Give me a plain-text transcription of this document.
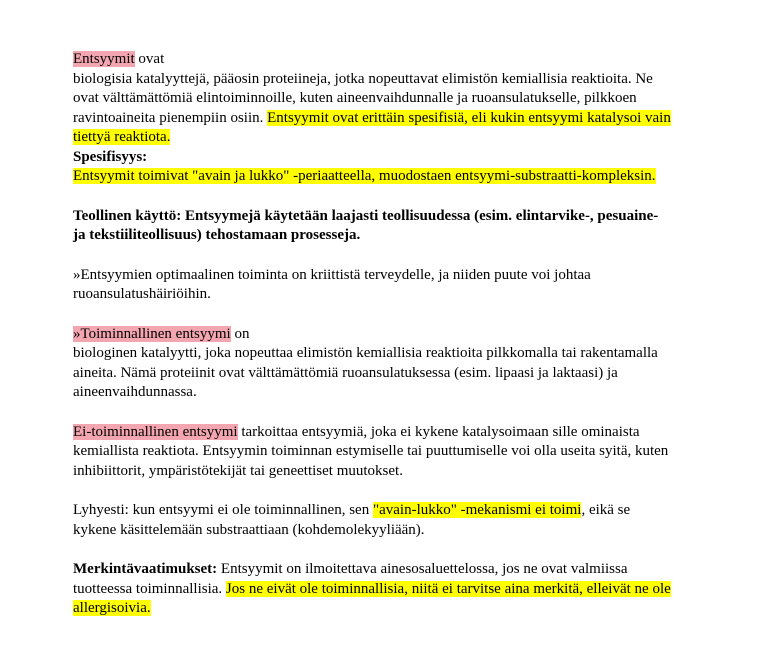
Entsyymit ovat
biologisia katalyyttejä, pääosin proteiineja, jotka nopeuttavat elimistön kemiallisia reaktioita. Ne ovat välttämättömiä elintoiminnoille, kuten aineenvaihdunnalle ja ruoansulatukselle, pilkkoen ravintoaineita pienempiin osiin. Entsyymit ovat erittäin spesifisiä, eli kukin entsyymi katalysoi vain tiettyä reaktiota.

Spesifisyys:
Entsyymit toimivat "avain ja lukko" -periaatteella, muodostaen entsyymi-substraatti-kompleksin.

Teollinen käyttö: Entsyymejä käytetään laajasti teollisuudessa (esim. elintarvike-, pesuaine- ja tekstiiliteollisuus) tehostamaan prosesseja.

»Entsyymien optimaalinen toiminta on kriittistä terveydelle, ja niiden puute voi johtaa ruoansulatushäiriöihin.

»Toiminnallinen entsyymi on
biologinen katalyytti, joka nopeuttaa elimistön kemiallisia reaktioita pilkkomalla tai rakentamalla aineita. Nämä proteiinit ovat välttämättömiä ruoansulatuksessa (esim. lipaasi ja laktaasi) ja aineenvaihdunnassa.

Ei-toiminnallinen entsyymi tarkoittaa entsyymiä, joka ei kykene katalysoimaan sille ominaista kemiallista reaktiota. Entsyymin toiminnan estymiselle tai puuttumiselle voi olla useita syitä, kuten inhibiittorit, ympäristötekijät tai geneettiset muutokset.

Lyhyesti: kun entsyymi ei ole toiminnallinen, sen "avain-lukko" -mekanismi ei toimi, eikä se kykene käsittelemään substraattiaan (kohdemolekyyliään).

Merkintävaatimukset: Entsyymit on ilmoitettava ainesosaluettelossa, jos ne ovat valmiissa tuotteessa toiminnallisia. Jos ne eivät ole toiminnallisia, niitä ei tarvitse aina merkitä, elleivät ne ole allergisoivia.
